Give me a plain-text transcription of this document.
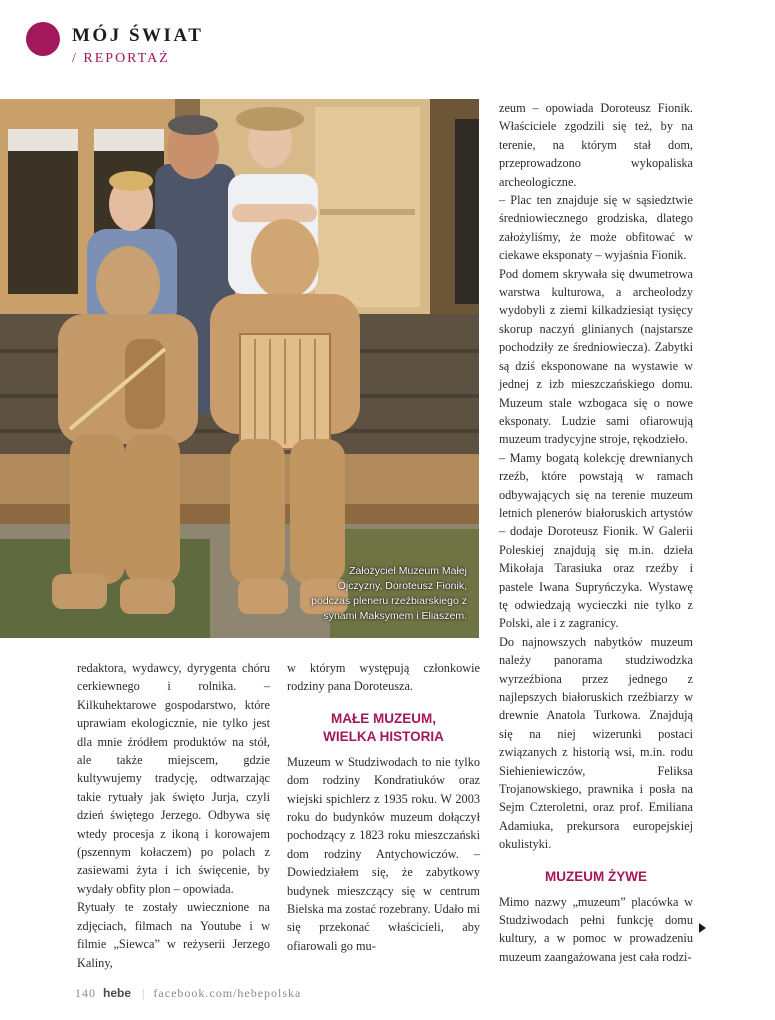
MÓJ ŚWIAT
/ REPORTAŻ
Założyciel Muzeum Małej Ojczyzny, Doroteusz Fionik, podczas pleneru rzeźbiarskiego z synami Maksymem i Eliaszem.

redaktora, wydawcy, dyrygenta chóru cerkiewnego i rolnika. – Kilkuhektarowe gospodarstwo, które uprawiam ekologicznie, nie tylko jest dla mnie źródłem produktów na stół, ale także miejscem, gdzie kultywujemy tradycję, odtwarzając takie rytuały jak święto Jurja, czyli dzień świętego Jerzego. Odbywa się wtedy procesja z ikoną i korowajem (pszennym kołaczem) po polach z zasiewami żyta i ich święcenie, by wydały obfity plon – opowiada.

Rytuały te zostały uwiecznione na zdjęciach, filmach na Youtube i w filmie „Siewca” w reżyserii Jerzego Kaliny,

w którym występują członkowie rodziny pana Doroteusza.

MAŁE MUZEUM,
WIELKA HISTORIA

Muzeum w Studziwodach to nie tylko dom rodziny Kondratiuków oraz wiejski spichlerz z 1935 roku. W 2003 roku do budynków muzeum dołączył pochodzący z 1823 roku mieszczański dom rodziny Antychowiczów. – Dowiedziałem się, że zabytkowy budynek mieszczący się w centrum Bielska ma zostać rozebrany. Udało mi się przekonać właścicieli, aby ofiarowali go mu-

zeum – opowiada Doroteusz Fionik. Właściciele zgodzili się też, by na terenie, na którym stał dom, przeprowadzono wykopaliska archeologiczne.

– Plac ten znajduje się w sąsiedztwie średniowiecznego grodziska, dlatego założyliśmy, że może obfitować w ciekawe eksponaty – wyjaśnia Fionik.

Pod domem skrywała się dwumetrowa warstwa kulturowa, a archeolodzy wydobyli z ziemi kilkadziesiąt tysięcy skorup naczyń glinianych (najstarsze pochodziły ze średniowiecza). Zabytki są dziś eksponowane na wystawie w jednej z izb mieszczańskiego domu. Muzeum stale wzbogaca się o nowe eksponaty. Ludzie sami ofiarowują muzeum tradycyjne stroje, rękodzieło.

– Mamy bogatą kolekcję drewnianych rzeźb, które powstają w ramach odbywających się na terenie muzeum letnich plenerów białoruskich artystów – dodaje Doroteusz Fionik. W Galerii Poleskiej znajdują się m.in. dzieła Mikołaja Tarasiuka oraz rzeźby i pastele Iwana Suprуńczyka. Wystawę tę odwiedzają wycieczki nie tylko z Polski, ale i z zagranicy.

Do najnowszych nabytków muzeum należy panorama studziwodzka wyrzeźbiona przez jednego z najlepszych białoruskich rzeźbiarzy w drewnie Anatola Turkowa. Znajdują się na niej wizerunki postaci związanych z historią wsi, m.in. rodu Siehieniewiczów, Feliksa Trojanowskiego, prawnika i posła na Sejm Czteroletni, oraz prof. Emiliana Adamiuka, prekursora europejskiej okulistyki.

MUZEUM ŻYWE

Mimo nazwy „muzeum” placówka w Studziwodach pełni funkcję domu kultury, a w pomoc w prowadzeniu muzeum zaangażowana jest cała rodzi-

140 hebe | facebook.com/hebepolska
